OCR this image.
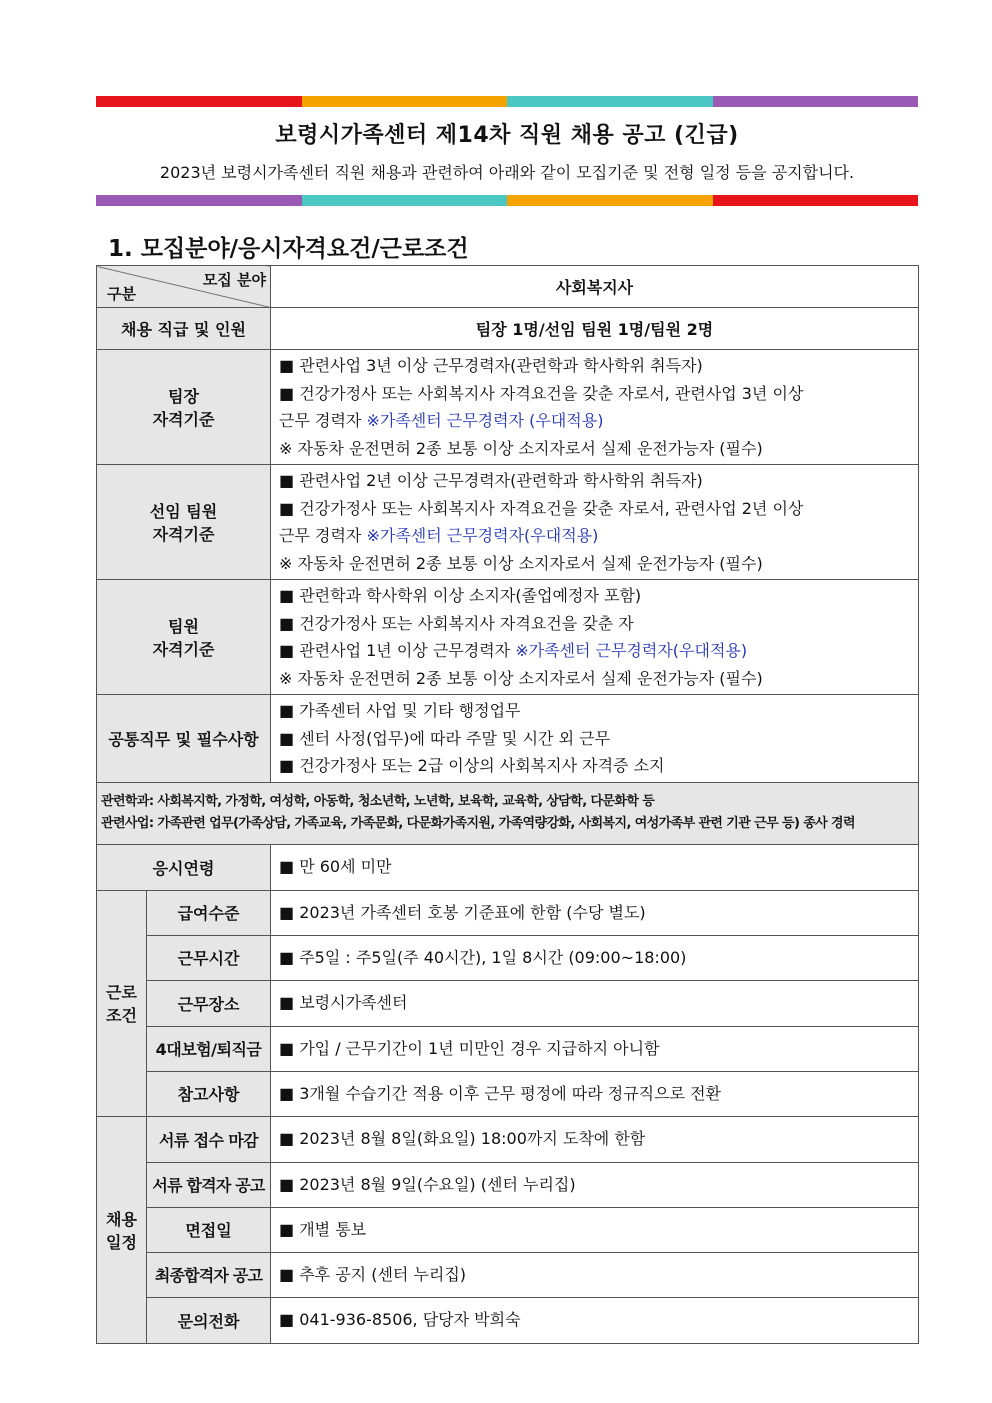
보령시가족센터 제14차 직원 채용 공고 (긴급)
2023년 보령시가족센터 직원 채용과 관련하여 아래와 같이 모집기준 및 전형 일정 등을 공지합니다.
1. 모집분야/응시자격요건/근로조건
모집 분야
구분		사회복지사
채용 직급 및 인원		팀장 1명/선임 팀원 1명/팀원 2명

팀장
자격기준		■ 관련사업 3년 이상 근무경력자(관련학과 학사학위 취득자)
■ 건강가정사 또는 사회복지사 자격요건을 갖춘 자로서, 관련사업 3년 이상
근무 경력자 ※가족센터 근무경력자 (우대적용)
※ 자동차 운전면허 2종 보통 이상 소지자로서 실제 운전가능자 (필수)

선임 팀원
자격기준		■ 관련사업 2년 이상 근무경력자(관련학과 학사학위 취득자)
■ 건강가정사 또는 사회복지사 자격요건을 갖춘 자로서, 관련사업 2년 이상
근무 경력자 ※가족센터 근무경력자(우대적용)
※ 자동차 운전면허 2종 보통 이상 소지자로서 실제 운전가능자 (필수)

팀원
자격기준		■ 관련학과 학사학위 이상 소지자(졸업예정자 포함)
■ 건강가정사 또는 사회복지사 자격요건을 갖춘 자
■ 관련사업 1년 이상 근무경력자 ※가족센터 근무경력자(우대적용)
※ 자동차 운전면허 2종 보통 이상 소지자로서 실제 운전가능자 (필수)

공통직무 및 필수사항		■ 가족센터 사업 및 기타 행정업무
■ 센터 사정(업무)에 따라 주말 및 시간 외 근무
■ 건강가정사 또는 2급 이상의 사회복지사 자격증 소지

관련학과: 사회복지학, 가정학, 여성학, 아동학, 청소년학, 노년학, 보육학, 교육학, 상담학, 다문화학 등
관련사업: 가족관련 업무(가족상담, 가족교육, 가족문화, 다문화가족지원, 가족역량강화, 사회복지, 여성가족부 관련 기관 근무 등) 종사 경력		

응시연령		■ 만 60세 미만

근로
조건	급여수준	■ 2023년 가족센터 호봉 기준표에 한함 (수당 별도)
	근무시간	■ 주5일 : 주5일(주 40시간), 1일 8시간 (09:00~18:00)
	근무장소	■ 보령시가족센터
	4대보험/퇴직금	■ 가입 / 근무기간이 1년 미만인 경우 지급하지 아니함
	참고사항	■ 3개월 수습기간 적용 이후 근무 평정에 따라 정규직으로 전환

채용
일정	서류 접수 마감	■ 2023년 8월 8일(화요일) 18:00까지 도착에 한함
	서류 합격자 공고	■ 2023년 8월 9일(수요일) (센터 누리집)
	면접일	■ 개별 통보
	최종합격자 공고	■ 추후 공지 (센터 누리집)
	문의전화	■ 041-936-8506, 담당자 박희숙
